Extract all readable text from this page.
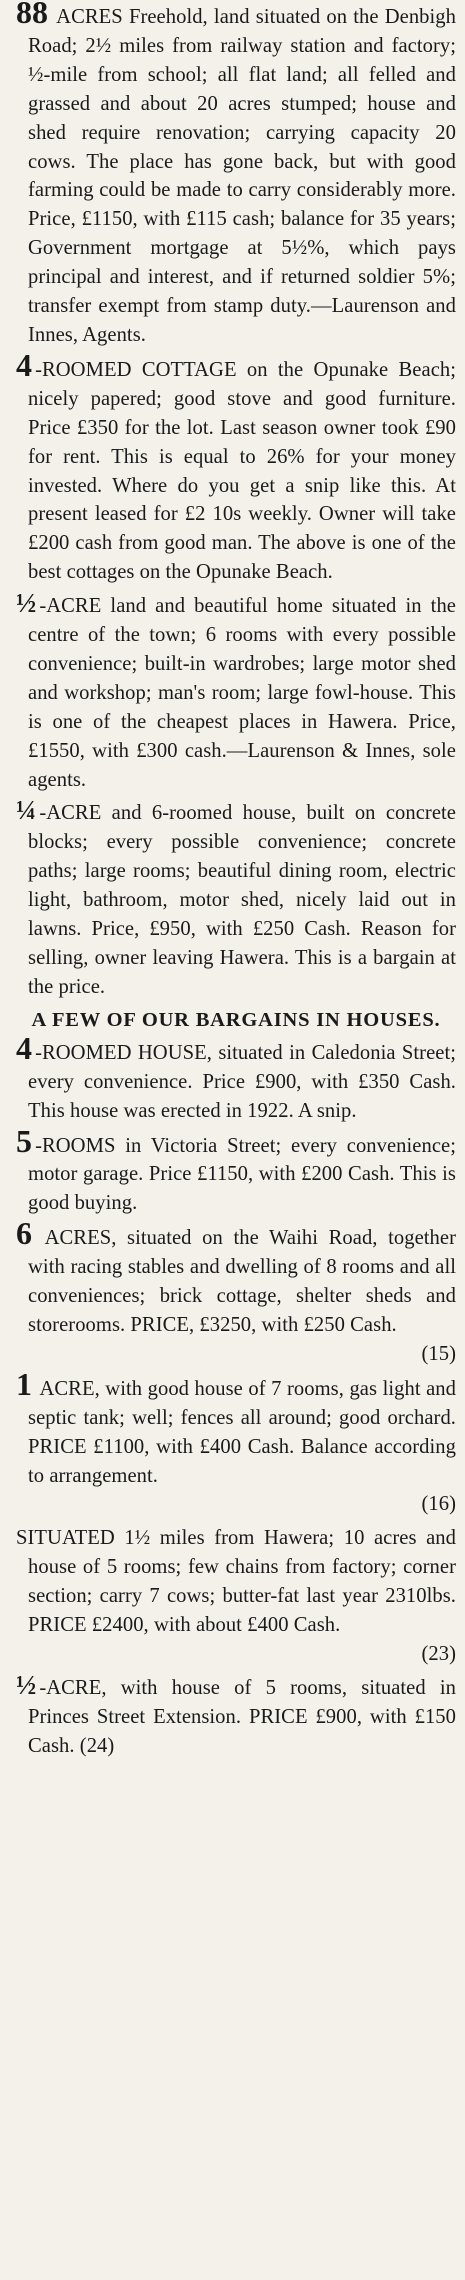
88 ACRES Freehold, land situated on the Denbigh Road; 2½ miles from railway station and factory; ½-mile from school; all flat land; all felled and grassed and about 20 acres stumped; house and shed require renovation; carrying capacity 20 cows. The place has gone back, but with good farming could be made to carry considerably more. Price, £1150, with £115 cash; balance for 35 years; Government mortgage at 5½%, which pays principal and interest, and if returned soldier 5%; transfer exempt from stamp duty.—Laurenson and Innes, Agents.

4 -ROOMED COTTAGE on the Opunake Beach; nicely papered; good stove and good furniture. Price £350 for the lot. Last season owner took £90 for rent. This is equal to 26% for your money invested. Where do you get a snip like this. At present leased for £2 10s weekly. Owner will take £200 cash from good man. The above is one of the best cottages on the Opunake Beach.

½ -ACRE land and beautiful home situated in the centre of the town; 6 rooms with every possible convenience; built-in wardrobes; large motor shed and workshop; man's room; large fowl-house. This is one of the cheapest places in Hawera. Price, £1550, with £300 cash.—Laurenson & Innes, sole agents.

¼ -ACRE and 6-roomed house, built on concrete blocks; every possible convenience; concrete paths; large rooms; beautiful dining room, electric light, bathroom, motor shed, nicely laid out in lawns. Price, £950, with £250 Cash. Reason for selling, owner leaving Hawera. This is a bargain at the price.

A FEW OF OUR BARGAINS IN HOUSES.

4 -ROOMED HOUSE, situated in Caledonia Street; every convenience. Price £900, with £350 Cash. This house was erected in 1922. A snip.

5 -ROOMS in Victoria Street; every convenience; motor garage. Price £1150, with £200 Cash. This is good buying.

6 ACRES, situated on the Waihi Road, together with racing stables and dwelling of 8 rooms and all conveniences; brick cottage, shelter sheds and storerooms. PRICE, £3250, with £250 Cash.
(15)

1 ACRE, with good house of 7 rooms, gas light and septic tank; well; fences all around; good orchard. PRICE £1100, with £400 Cash. Balance according to arrangement.
(16)

SITUATED 1½ miles from Hawera; 10 acres and house of 5 rooms; few chains from factory; corner section; carry 7 cows; butter-fat last year 2310lbs. PRICE £2400, with about £400 Cash.
(23)

½ -ACRE, with house of 5 rooms, situated in Princes Street Extension. PRICE £900, with £150 Cash. (24)
